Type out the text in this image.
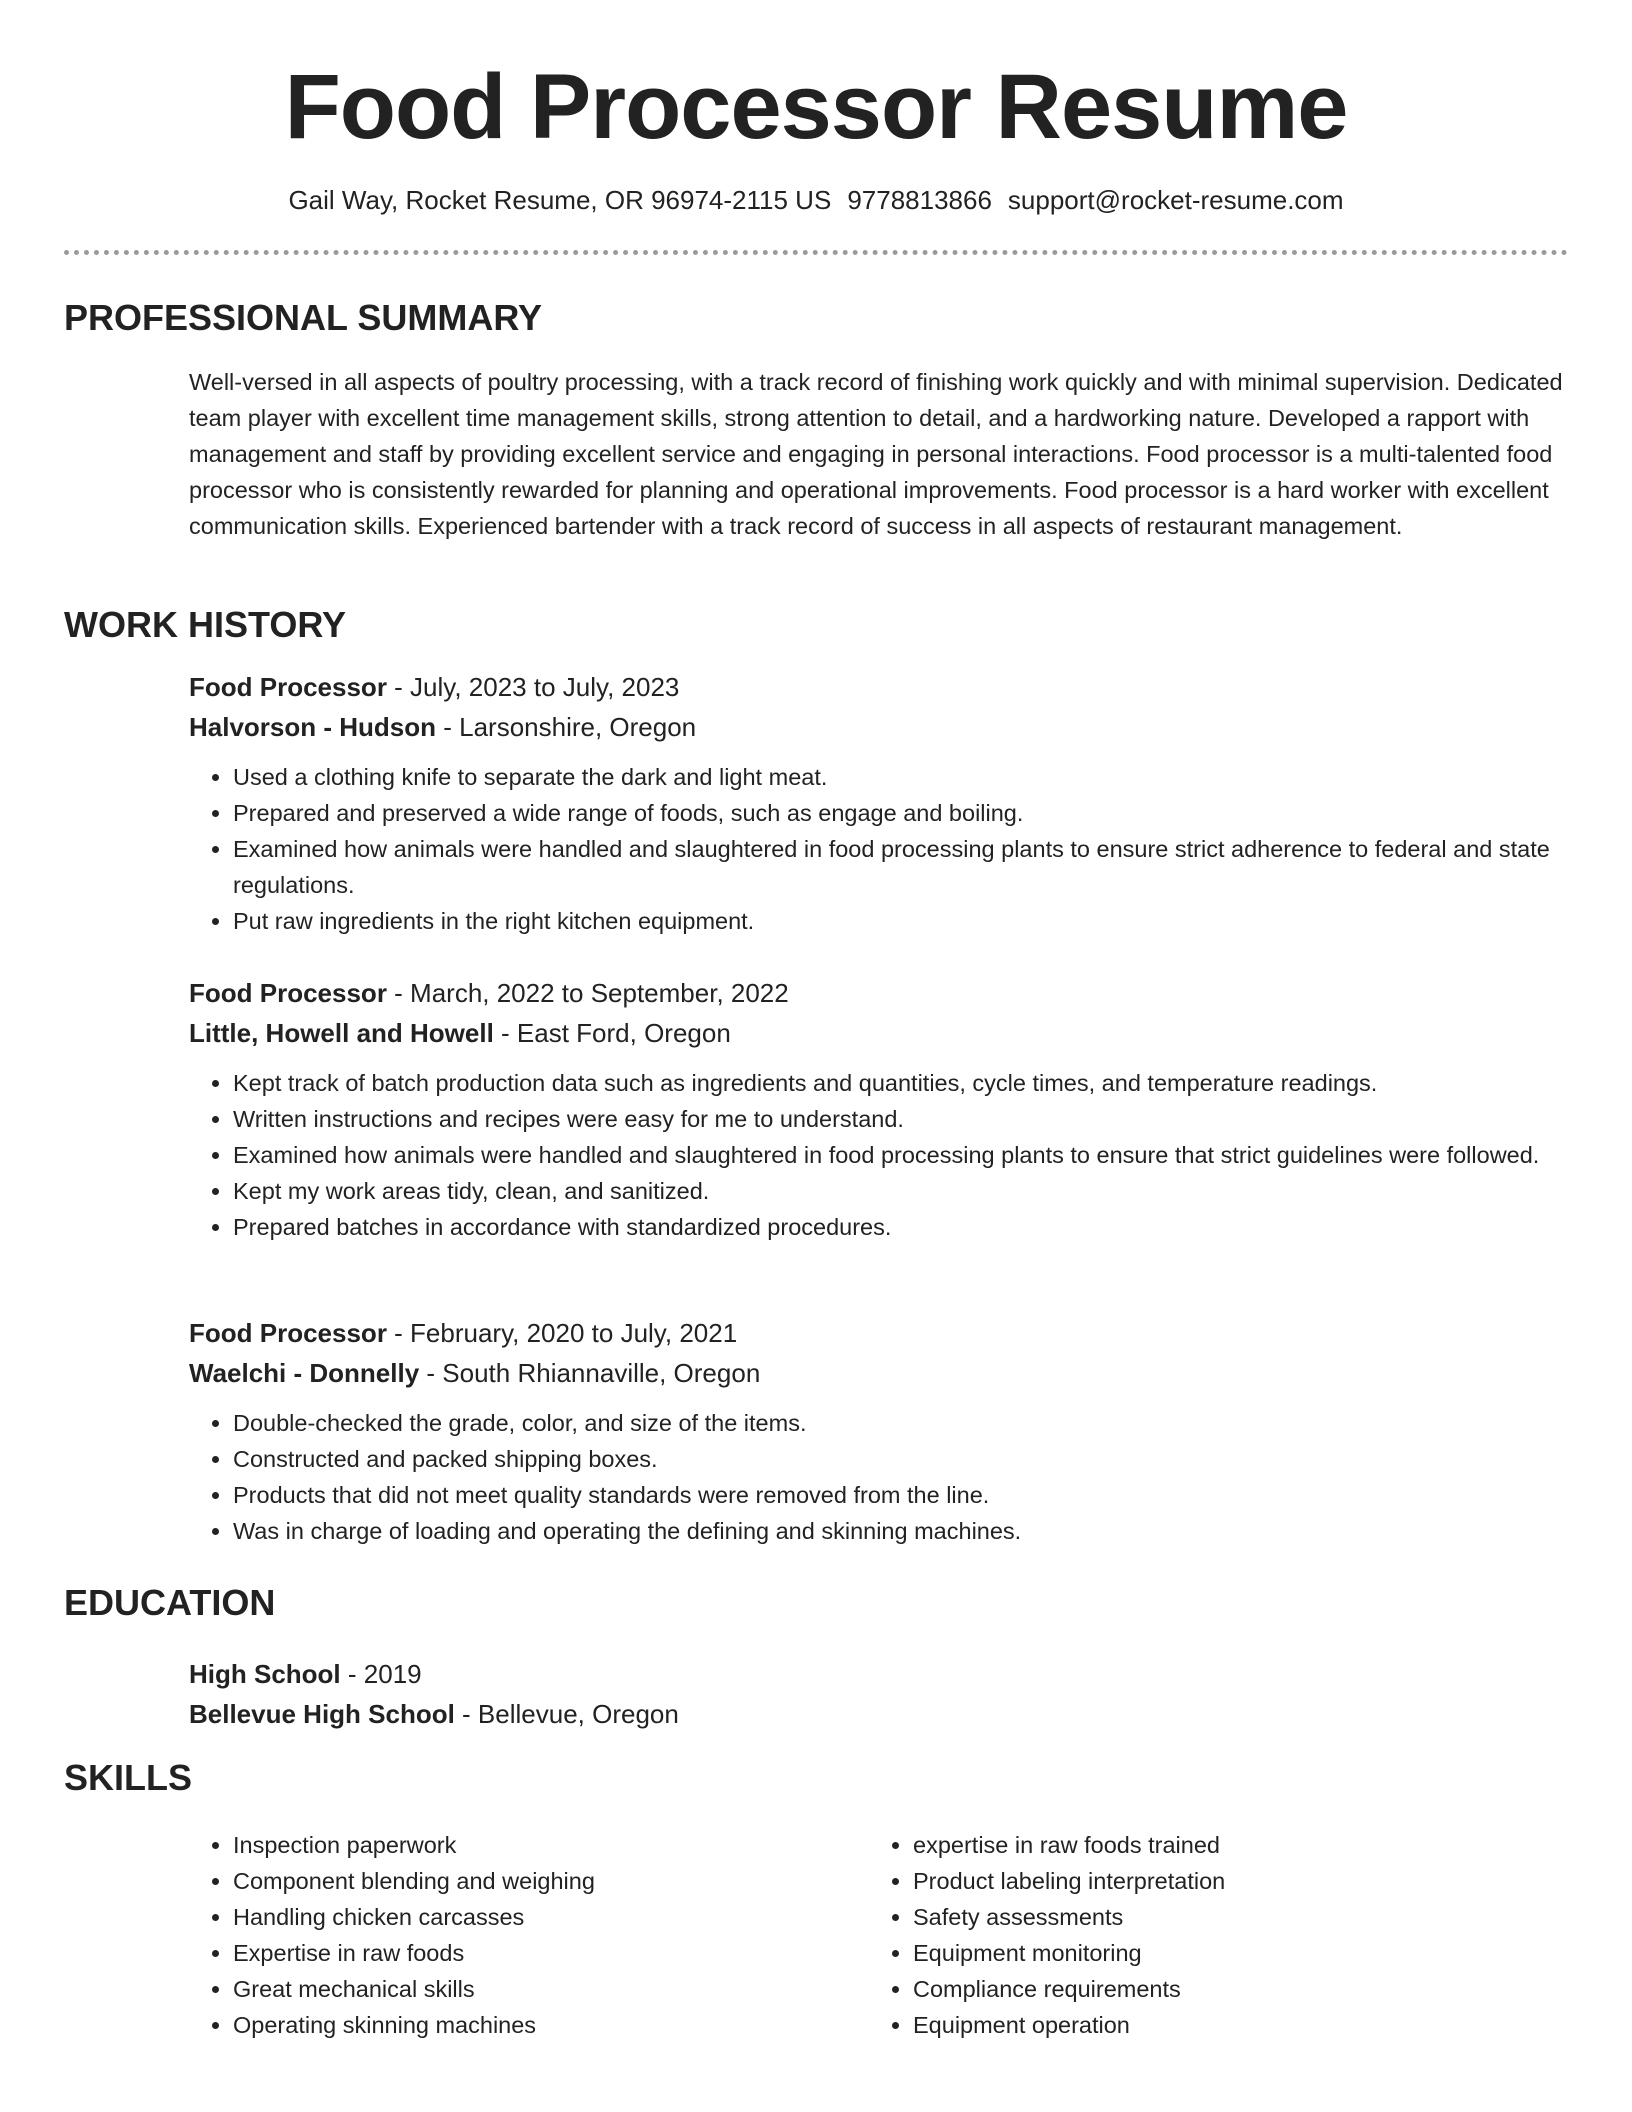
Food Processor Resume
Gail Way, Rocket Resume, OR 96974-2115 US 9778813866 support@rocket-resume.com
PROFESSIONAL SUMMARY

Well-versed in all aspects of poultry processing, with a track record of finishing work quickly and with minimal supervision. Dedicated team player with excellent time management skills, strong attention to detail, and a hardworking nature. Developed a rapport with management and staff by providing excellent service and engaging in personal interactions. Food processor is a multi-talented food processor who is consistently rewarded for planning and operational improvements. Food processor is a hard worker with excellent communication skills. Experienced bartender with a track record of success in all aspects of restaurant management.

WORK HISTORY

Food Processor - July, 2023 to July, 2023

Halvorson - Hudson - Larsonshire, Oregon

• Used a clothing knife to separate the dark and light meat.
• Prepared and preserved a wide range of foods, such as engage and boiling.
• Examined how animals were handled and slaughtered in food processing plants to ensure strict adherence to federal and state regulations.
• Put raw ingredients in the right kitchen equipment.

Food Processor - March, 2022 to September, 2022

Little, Howell and Howell - East Ford, Oregon

• Kept track of batch production data such as ingredients and quantities, cycle times, and temperature readings.
• Written instructions and recipes were easy for me to understand.
• Examined how animals were handled and slaughtered in food processing plants to ensure that strict guidelines were followed.
• Kept my work areas tidy, clean, and sanitized.
• Prepared batches in accordance with standardized procedures.

Food Processor - February, 2020 to July, 2021

Waelchi - Donnelly - South Rhiannaville, Oregon

• Double-checked the grade, color, and size of the items.
• Constructed and packed shipping boxes.
• Products that did not meet quality standards were removed from the line.
• Was in charge of loading and operating the defining and skinning machines.
EDUCATION

High School - 2019

Bellevue High School - Bellevue, Oregon

SKILLS
• Inspection paperwork
• Component blending and weighing
• Handling chicken carcasses
• Expertise in raw foods
• Great mechanical skills
• Operating skinning machines
• expertise in raw foods trained
• Product labeling interpretation
• Safety assessments
• Equipment monitoring
• Compliance requirements
• Equipment operation
